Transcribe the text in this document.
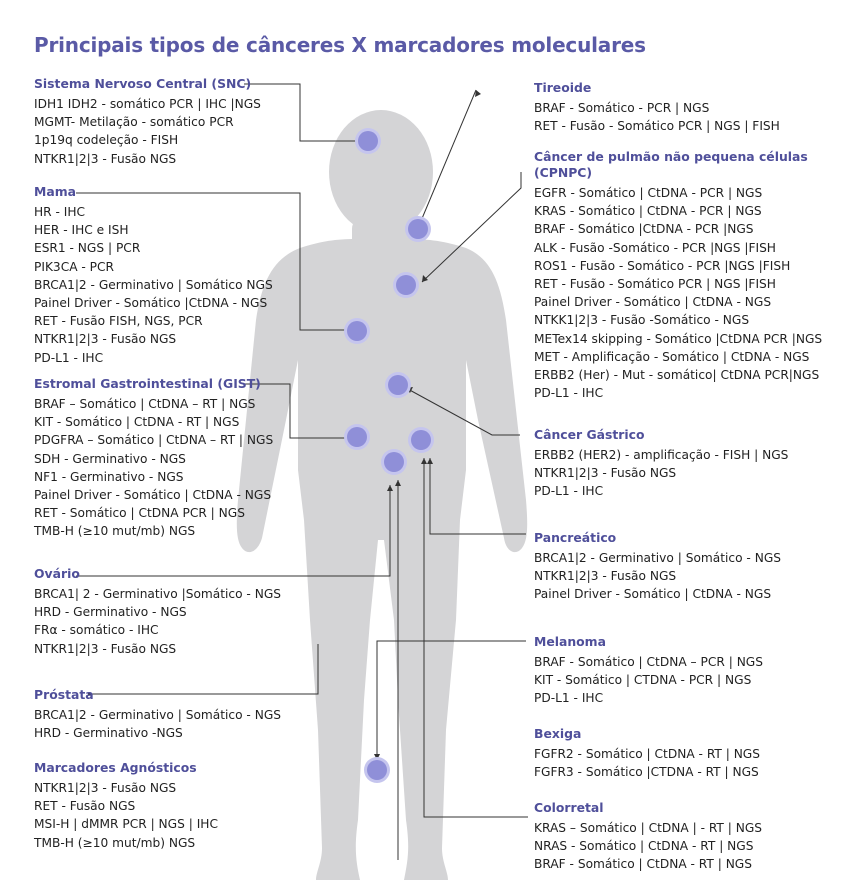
Principais tipos de cânceres X marcadores moleculares
Sistema Nervoso Central (SNC)
IDH1 IDH2 - somático PCR | IHC |NGS
MGMT- Metilação - somático PCR
1p19q codeleção - FISH
NTKR1|2|3 - Fusão NGS
Mama
HR - IHC
HER - IHC e ISH
ESR1 - NGS | PCR
PIK3CA - PCR
BRCA1|2 - Germinativo | Somático NGS
Painel Driver - Somático |CtDNA - NGS
RET - Fusão FISH, NGS, PCR
NTKR1|2|3 - Fusão NGS
PD-L1 - IHC
Estromal Gastrointestinal (GIST)
BRAF – Somático | CtDNA – RT | NGS
KIT - Somático | CtDNA - RT | NGS
PDGFRA – Somático | CtDNA – RT | NGS
SDH - Germinativo - NGS
NF1 - Germinativo - NGS
Painel Driver - Somático | CtDNA - NGS
RET - Somático | CtDNA PCR | NGS
TMB-H (≥10 mut/mb) NGS
Ovário
BRCA1| 2 - Germinativo |Somático - NGS
HRD - Germinativo - NGS
FRα - somático - IHC
NTKR1|2|3 - Fusão NGS
Próstata
BRCA1|2 - Germinativo | Somático - NGS
HRD - Germinativo -NGS
Marcadores Agnósticos
NTKR1|2|3 - Fusão NGS
RET - Fusão NGS
MSI-H | dMMR PCR | NGS | IHC
TMB-H (≥10 mut/mb) NGS
Tireoide
BRAF - Somático - PCR | NGS
RET - Fusão - Somático PCR | NGS | FISH
Câncer de pulmão não pequena células (CPNPC)
EGFR - Somático | CtDNA - PCR | NGS
KRAS - Somático | CtDNA - PCR | NGS
BRAF - Somático |CtDNA - PCR |NGS
ALK - Fusão -Somático - PCR |NGS |FISH
ROS1 - Fusão - Somático - PCR |NGS |FISH
RET - Fusão - Somático PCR | NGS |FISH
Painel Driver - Somático | CtDNA - NGS
NTKK1|2|3 - Fusão -Somático - NGS
METex14 skipping - Somático |CtDNA PCR |NGS
MET - Amplificação - Somático | CtDNA - NGS
ERBB2 (Her) - Mut - somático| CtDNA PCR|NGS
PD-L1 - IHC
Câncer Gástrico
ERBB2 (HER2) - amplificação - FISH | NGS
NTKR1|2|3 - Fusão NGS
PD-L1 - IHC
Pancreático
BRCA1|2 - Germinativo | Somático - NGS
NTKR1|2|3 - Fusão NGS
Painel Driver - Somático | CtDNA - NGS
Melanoma
BRAF - Somático | CtDNA – PCR | NGS
KIT - Somático | CTDNA - PCR | NGS
PD-L1 - IHC
Bexiga
FGFR2 - Somático | CtDNA - RT | NGS
FGFR3 - Somático |CTDNA - RT | NGS
Colorretal
KRAS – Somático | CtDNA | - RT | NGS
NRAS - Somático | CtDNA - RT | NGS
BRAF - Somático | CtDNA - RT | NGS
